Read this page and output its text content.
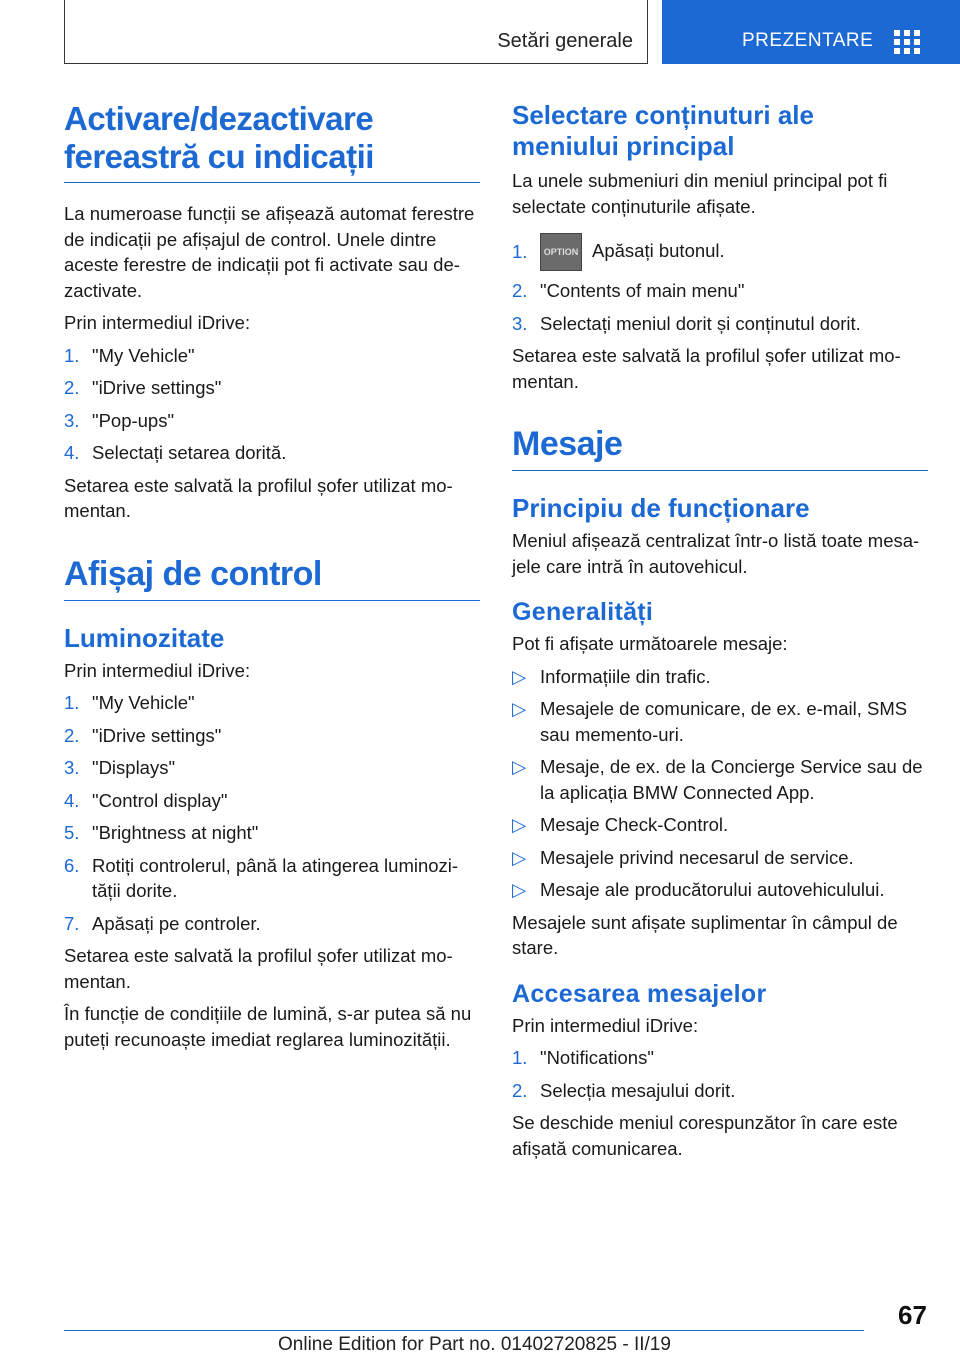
Setări generale	PREZENTARE
Activare/dezactivare fereastră cu indicații

La numeroase funcții se afișează automat ferestre de indicații pe afișajul de control. Unele dintre aceste ferestre de indicații pot fi activate sau dezactivate.

Prin intermediul iDrive:

1. "My Vehicle"
2. "iDrive settings"
3. "Pop-ups"
4. Selectați setarea dorită.

Setarea este salvată la profilul șofer utilizat momentan.

Afișaj de control
Luminozitate

Prin intermediul iDrive:

1. "My Vehicle"
2. "iDrive settings"
3. "Displays"
4. "Control display"
5. "Brightness at night"
6. Rotiți controlerul, până la atingerea luminozității dorite.
7. Apăsați pe controler.

Setarea este salvată la profilul șofer utilizat momentan.

În funcție de condițiile de lumină, s-ar putea să nu puteți recunoaște imediat reglarea luminozității.

Selectare conținuturi ale meniului principal

La unele submeniuri din meniul principal pot fi selectate conținuturile afișate.

1.	OPTION Apăsați butonul.
2. "Contents of main menu"
3. Selectați meniul dorit și conținutul dorit.

Setarea este salvată la profilul șofer utilizat momentan.

Mesaje
Principiu de funcționare

Meniul afișează centralizat într-o listă toate mesajele care intră în autovehicul.

Generalități

Pot fi afișate următoarele mesaje:

▷ Informațiile din trafic.
▷ Mesajele de comunicare, de ex. e-mail, SMS sau memento-uri.
▷ Mesaje, de ex. de la Concierge Service sau de la aplicația BMW Connected App.
▷ Mesaje Check-Control.
▷ Mesajele privind necesarul de service.
▷ Mesaje ale producătorului autovehiculului.

Mesajele sunt afișate suplimentar în câmpul de stare.

Accesarea mesajelor

Prin intermediul iDrive:

1. "Notifications"
2. Selecția mesajului dorit.

Se deschide meniul corespunzător în care este afișată comunicarea.

67
Online Edition for Part no. 01402720825 - II/19
